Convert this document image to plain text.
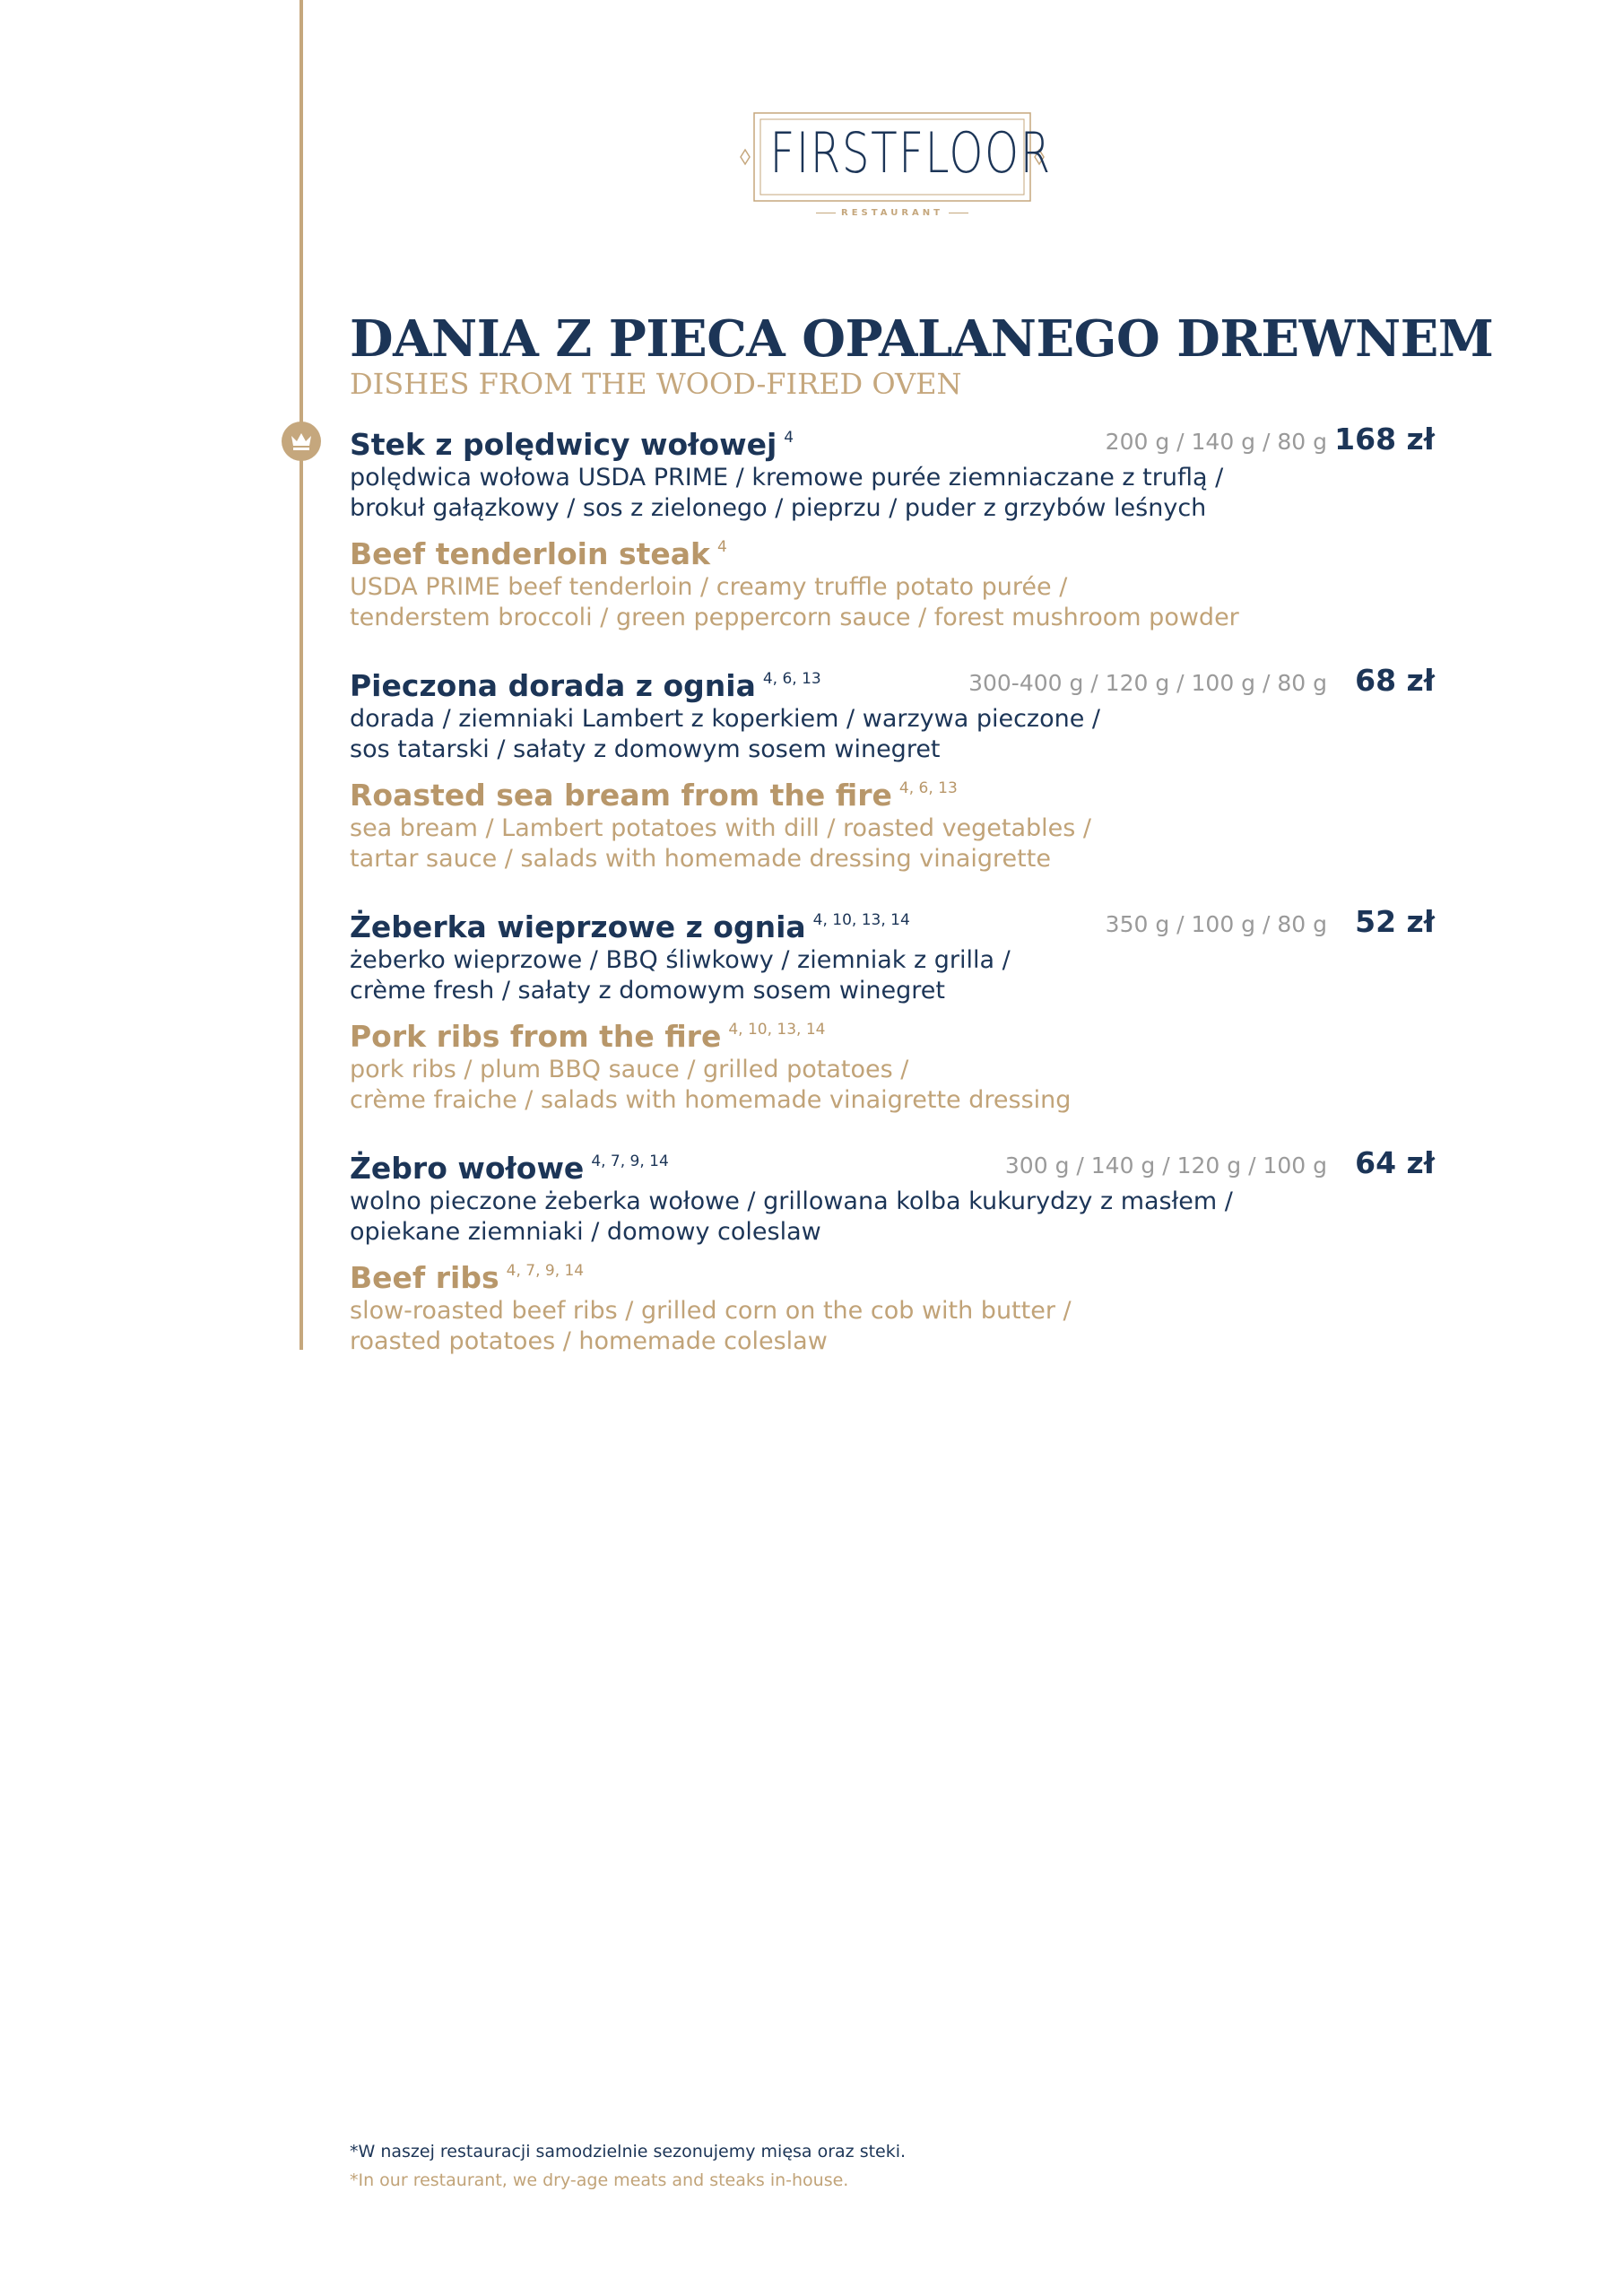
FIRSTFLOOR
RESTAURANT
DANIA Z PIECA OPALANEGO DREWNEM
DISHES FROM THE WOOD-FIRED OVEN
Stek z polędwicy wołowej $^4$	200 g / 140 g / 80 g 168 zł
polędwica wołowa USDA PRIME / kremowe purée ziemniaczane z truflą /
brokuł gałązkowy / sos z zielonego / pieprzu / puder z grzybów leśnych
Beef tenderloin steak $^4$
USDA PRIME beef tenderloin / creamy truffle potato purée /
tenderstem broccoli / green peppercorn sauce / forest mushroom powder
Pieczona dorada z ognia $^{4, 6, 13}$	300-400 g / 120 g / 100 g / 80 g 68 zł
dorada / ziemniaki Lambert z koperkiem / warzywa pieczone /
sos tatarski / sałaty z domowym sosem winegret
Roasted sea bream from the fire $^{4, 6, 13}$
sea bream / Lambert potatoes with dill / roasted vegetables /
tartar sauce / salads with homemade dressing vinaigrette
Żeberka wieprzowe z ognia $^{4, 10, 13, 14}$	350 g / 100 g / 80 g 52 zł
żeberko wieprzowe / BBQ śliwkowy / ziemniak z grilla /
crème fresh / sałaty z domowym sosem winegret
Pork ribs from the fire $^{4, 10, 13, 14}$
pork ribs / plum BBQ sauce / grilled potatoes /
crème fraiche / salads with homemade vinaigrette dressing
Żebro wołowe $^{4, 7, 9, 14}$	300 g / 140 g / 120 g / 100 g 64 zł
wolno pieczone żeberka wołowe / grillowana kolba kukurydzy z masłem /
opiekane ziemniaki / domowy coleslaw
Beef ribs $^{4, 7, 9, 14}$
slow-roasted beef ribs / grilled corn on the cob with butter /
roasted potatoes / homemade coleslaw
*W naszej restauracji samodzielnie sezonujemy mięsa oraz steki.
*In our restaurant, we dry-age meats and steaks in-house.
